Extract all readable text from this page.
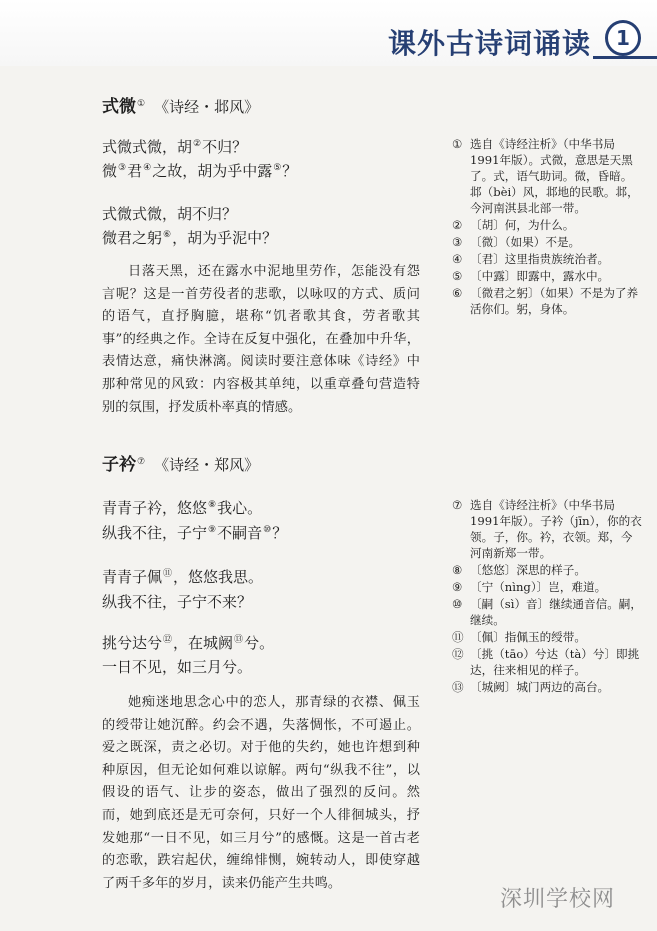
课外古诗词诵读	1
式微① 《诗经・邶风》
式微式微，胡②不归？
微③君④之故，胡为乎中露⑤？
式微式微，胡不归？
微君之躬⑥，胡为乎泥中？
日落天黑，还在露水中泥地里劳作，怎能没有怨言呢？这是一首劳役者的悲歌，以咏叹的方式、质问的语气，直抒胸臆，堪称“饥者歌其食，劳者歌其事”的经典之作。全诗在反复中强化，在叠加中升华，表情达意，痛快淋漓。阅读时要注意体味《诗经》中那种常见的风致：内容极其单纯，以重章叠句营造特别的氛围，抒发质朴率真的情感。
① 选自《诗经注析》（中华书局1991年版）。式微，意思是天黑了。式，语气助词。微，昏暗。邶（bèi）风，邶地的民歌。邶，今河南淇县北部一带。
② 〔胡〕何，为什么。
③ 〔微〕（如果）不是。
④ 〔君〕这里指贵族统治者。
⑤ 〔中露〕即露中，露水中。
⑥ 〔微君之躬〕（如果）不是为了养活你们。躬，身体。
子衿⑦ 《诗经・郑风》
青青子衿，悠悠⑧我心。
纵我不往，子宁⑨不嗣音⑩？
青青子佩⑪，悠悠我思。
纵我不往，子宁不来？
挑兮达兮⑫，在城阙⑬兮。
一日不见，如三月兮。
她痴迷地思念心中的恋人，那青绿的衣襟、佩玉的绶带让她沉醉。约会不遇，失落惆怅，不可遏止。爱之既深，责之必切。对于他的失约，她也许想到种种原因，但无论如何难以谅解。两句“纵我不往”，以假设的语气、让步的姿态，做出了强烈的反问。然而，她到底还是无可奈何，只好一个人徘徊城头，抒发她那“一日不见，如三月兮”的感慨。这是一首古老的恋歌，跌宕起伏，缠绵悱恻，婉转动人，即使穿越了两千多年的岁月，读来仍能产生共鸣。
⑦ 选自《诗经注析》（中华书局1991年版）。子衿（jīn），你的衣领。子，你。衿，衣领。郑，今河南新郑一带。
⑧ 〔悠悠〕深思的样子。
⑨ 〔宁（nìng）〕岂，难道。
⑩ 〔嗣（sì）音〕继续通音信。嗣，继续。
⑪ 〔佩〕指佩玉的绶带。
⑫ 〔挑（tāo）兮达（tà）兮〕即挑达，往来相见的样子。
⑬ 〔城阙〕城门两边的高台。
深圳学校网
